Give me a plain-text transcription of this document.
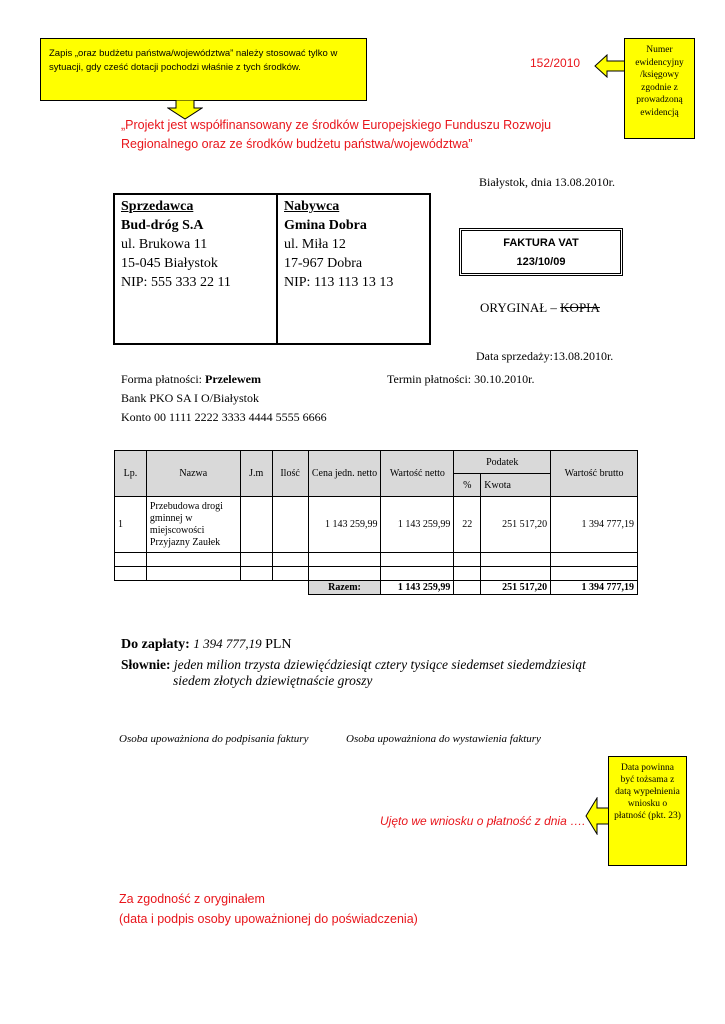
Zapis „oraz budżetu państwa/województwa” należy stosować tylko w sytuacji, gdy cześć dotacji pochodzi właśnie z tych środków.	152/2010
Numer ewidencyjny /księgowy zgodnie z prowadzoną ewidencją
„Projekt jest współfinansowany ze środków Europejskiego Funduszu Rozwoju
Regionalnego oraz ze środków budżetu państwa/województwa”
Białystok, dnia 13.08.2010r.
Sprzedawca
Bud-dróg S.A
ul. Brukowa 11
15-045 Białystok
NIP: 555 333 22 11
Nabywca
Gmina Dobra
ul. Miła 12
17-967 Dobra
NIP: 113 113 13 13
FAKTURA VAT
123/10/09
ORYGINAŁ – KOPIA
Data sprzedaży:13.08.2010r.
Forma płatności: Przelewem	Termin płatności: 30.10.2010r.
Bank PKO SA I O/Białystok
Konto 00 1111 2222 3333 4444 5555 6666
Lp.	Nazwa	J.m	Ilość	Cena jedn. netto	Wartość netto	Podatek		Wartość brutto
						%	Kwota	
1	Przebudowa drogi gminnej w miejscowości Przyjazny Zaułek			1 143 259,99	1 143 259,99	22	251 517,20	1 394 777,19

				Razem:	1 143 259,99		251 517,20	1 394 777,19
Do zapłaty: 1 394 777,19 PLN
Słownie: jeden milion trzysta dziewięćdziesiąt cztery tysiące siedemset siedemdziesiąt
siedem złotych dziewiętnaście groszy
Osoba upoważniona do podpisania faktury	Osoba upoważniona do wystawienia faktury
Ujęto we wniosku o płatność z dnia ….
Data powinna być tożsama z datą wypełnienia wniosku o płatność (pkt. 23)
Za zgodność z oryginałem
(data i podpis osoby upoważnionej do poświadczenia)
